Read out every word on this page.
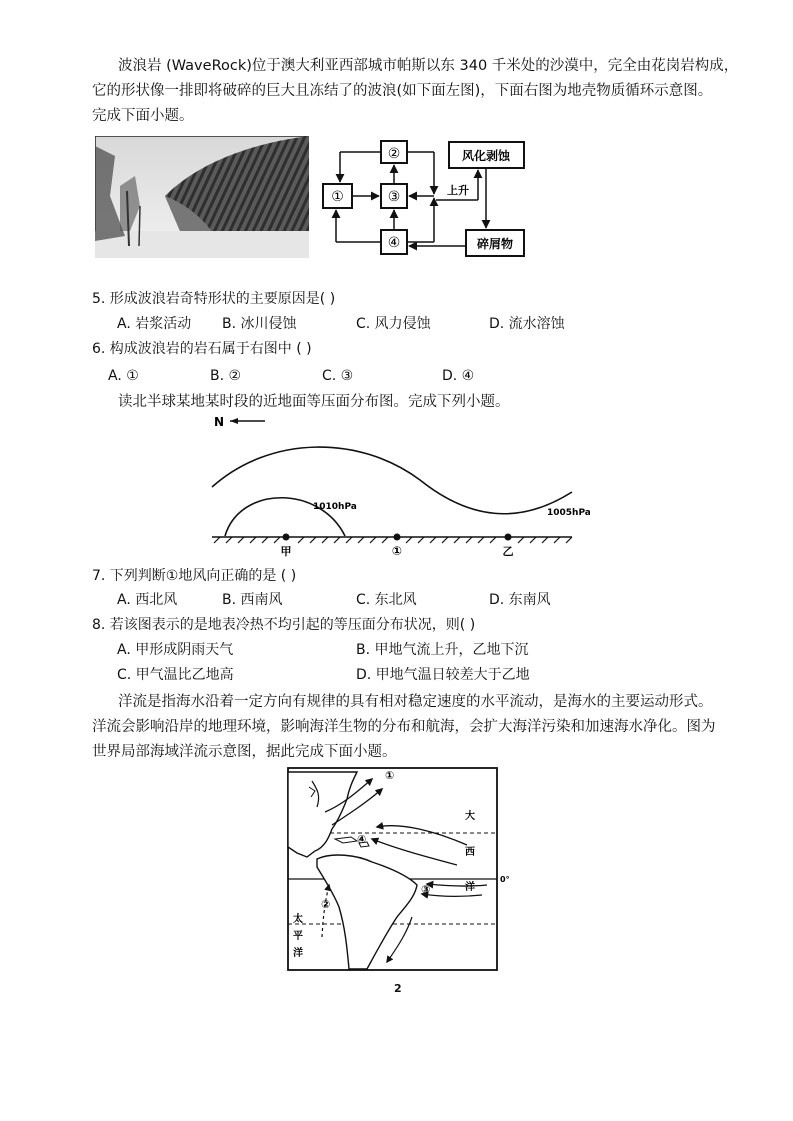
波浪岩 (WaveRock)位于澳大利亚西部城市帕斯以东 340 千米处的沙漠中，完全由花岗岩构成，
它的形状像一排即将破碎的巨大且冻结了的波浪(如下面左图)，下面右图为地壳物质循环示意图。
完成下面小题。
②
①	③
④
风化剥蚀
碎屑物
上升
5. 形成波浪岩奇特形状的主要原因是( )
A. 岩浆活动 B. 冰川侵蚀	C. 风力侵蚀	D. 流水溶蚀
6. 构成波浪岩的岩石属于右图中 ( )
A. ①	B. ②	C. ③	D. ④
读北半球某地某时段的近地面等压面分布图。完成下列小题。
N
1010hPa
1005hPa
甲	①	乙
7. 下列判断①地风向正确的是 ( )
A. 西北风	B. 西南风	C. 东北风	D. 东南风
8. 若该图表示的是地表冷热不均引起的等压面分布状况，则( )
A. 甲形成阴雨天气	B. 甲地气流上升，乙地下沉
C. 甲气温比乙地高	D. 甲地气温日较差大于乙地
洋流是指海水沿着一定方向有规律的具有相对稳定速度的水平流动，是海水的主要运动形式。
洋流会影响沿岸的地理环境，影响海洋生物的分布和航海，会扩大海洋污染和加速海水净化。图为
世界局部海域洋流示意图，据此完成下面小题。
大
西
洋
太
平
洋
0°
①
②
③
④
2
